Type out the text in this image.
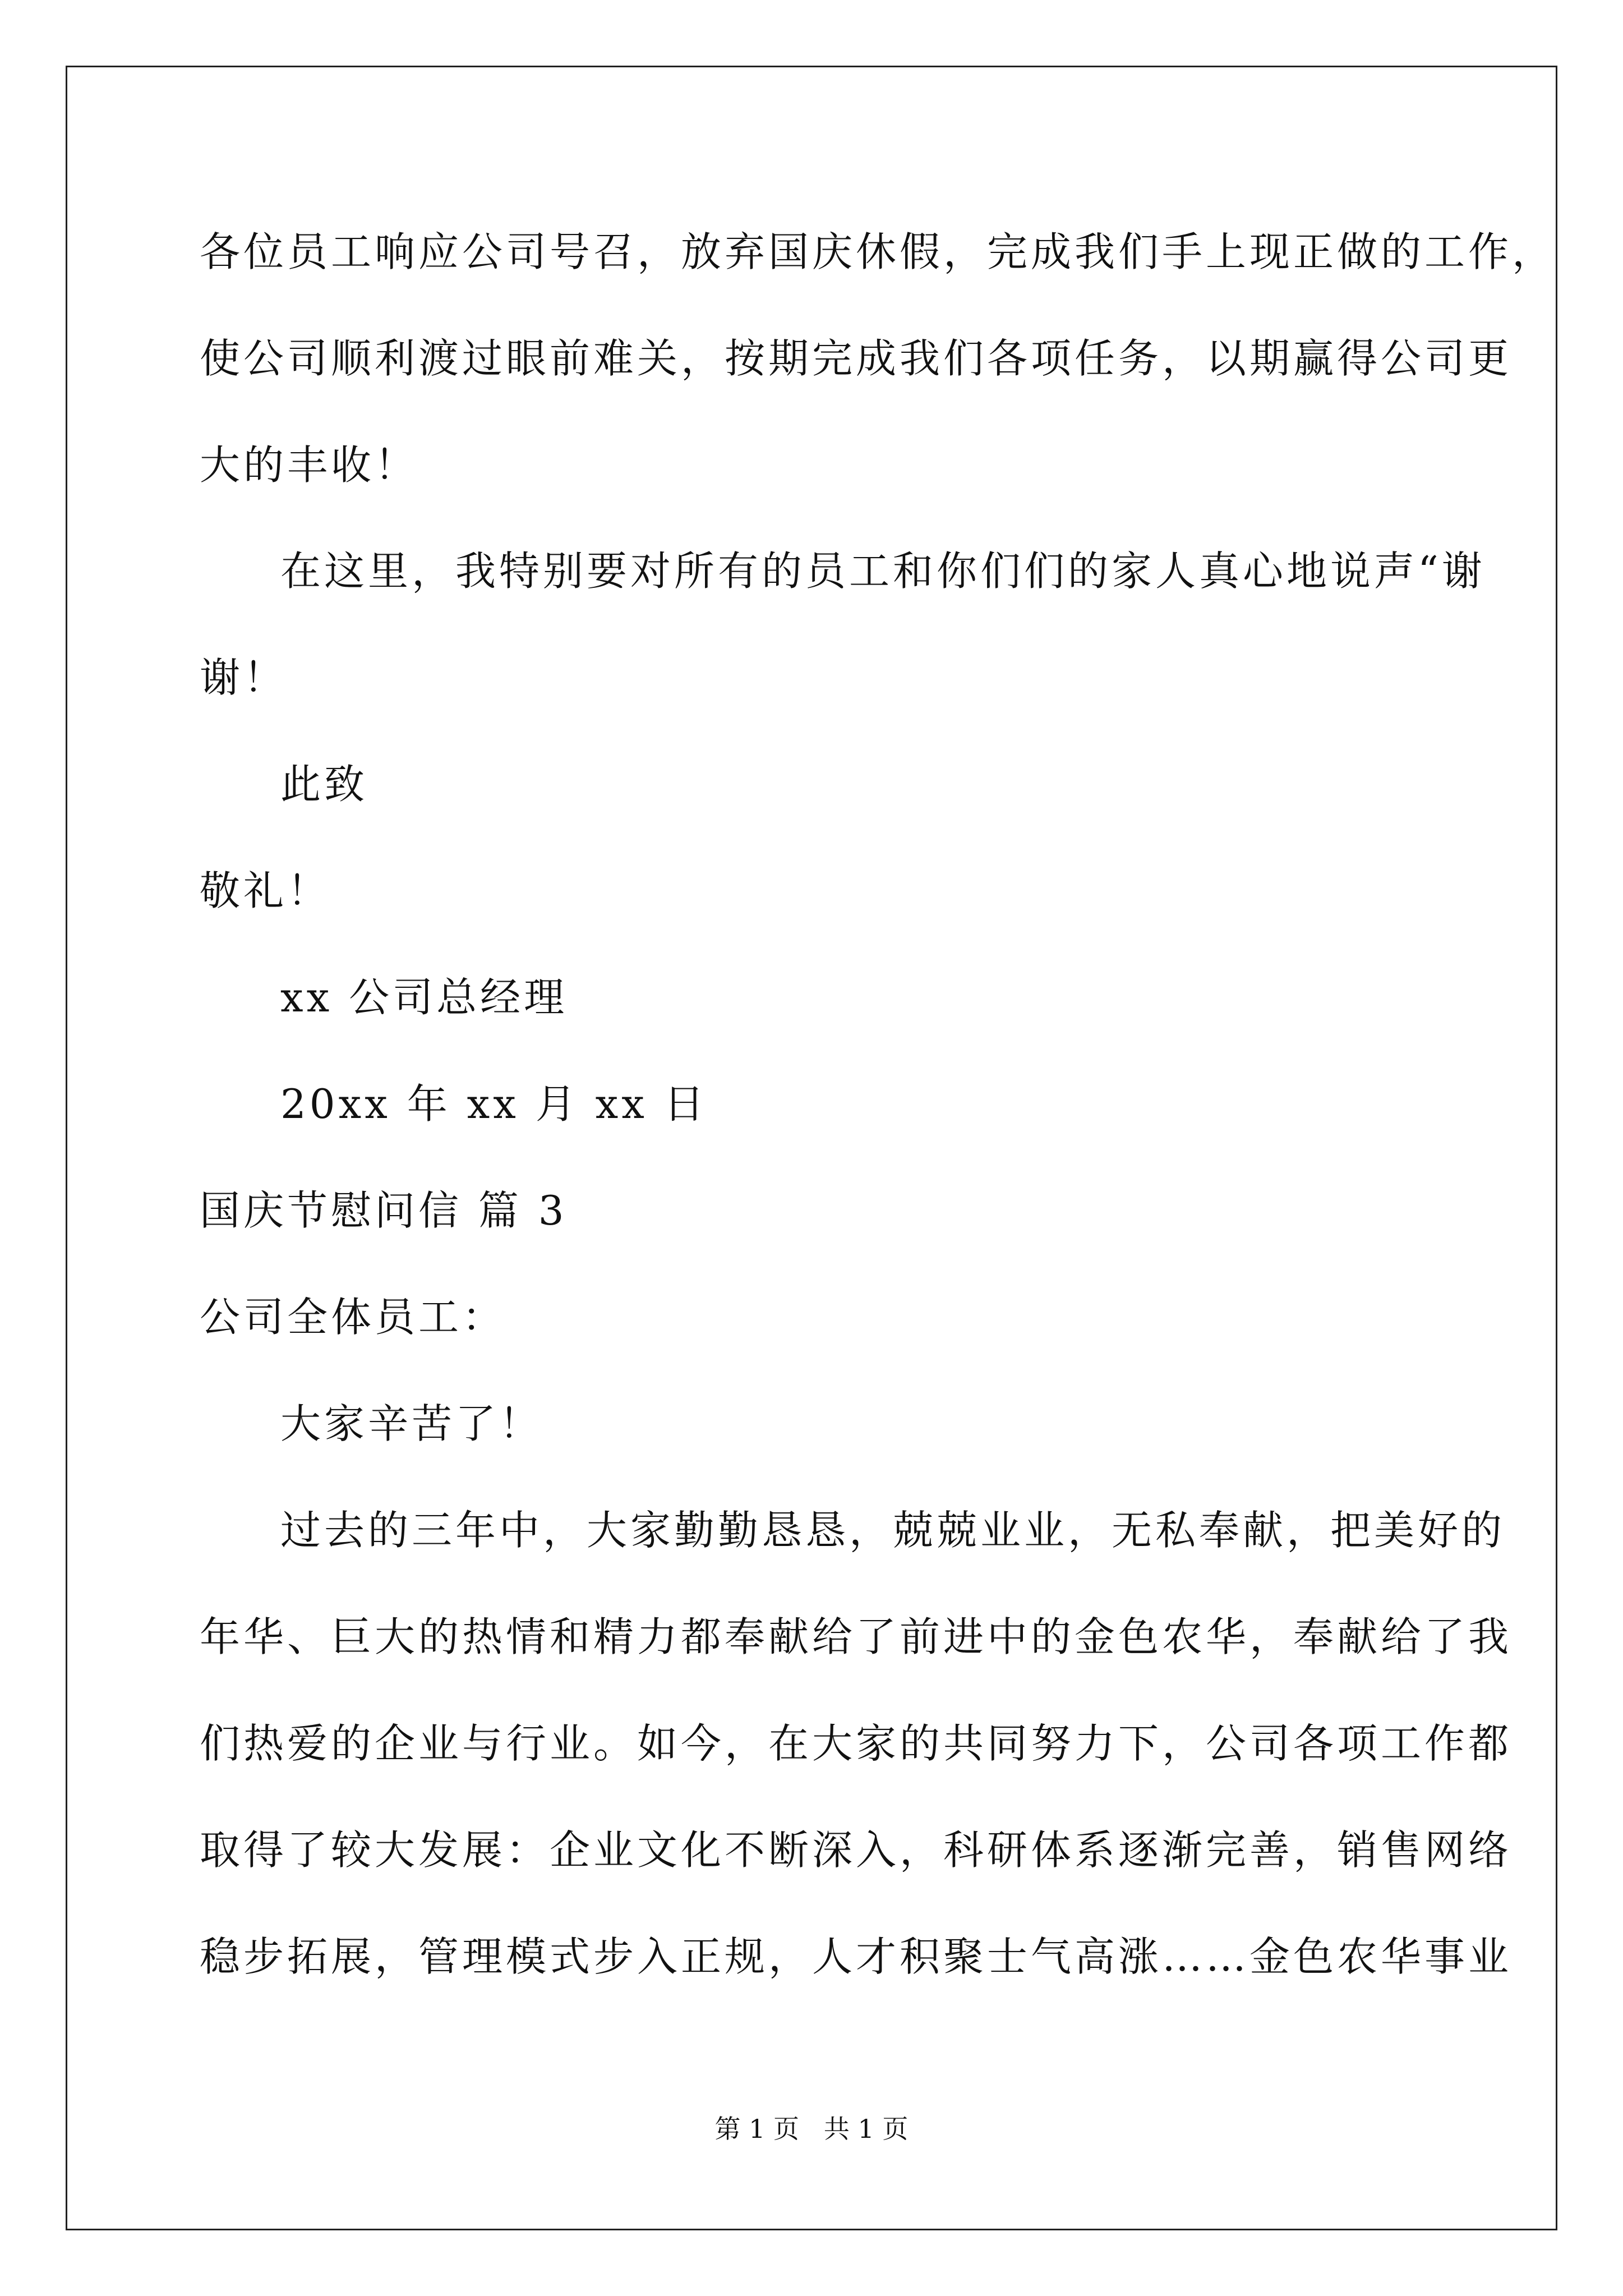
各位员工响应公司号召，放弃国庆休假，完成我们手上现正做的工作，
使公司顺利渡过眼前难关，按期完成我们各项任务，以期赢得公司更
大的丰收！
在这里，我特别要对所有的员工和你们们的家人真心地说声“谢
谢！
此致
敬礼！
xx 公司总经理
20xx 年 xx 月 xx 日
国庆节慰问信 篇 3
公司全体员工：
大家辛苦了！
过去的三年中，大家勤勤恳恳，兢兢业业，无私奉献，把美好的
年华、巨大的热情和精力都奉献给了前进中的金色农华，奉献给了我
们热爱的企业与行业。如今，在大家的共同努力下，公司各项工作都
取得了较大发展：企业文化不断深入，科研体系逐渐完善，销售网络
稳步拓展，管理模式步入正规，人才积聚士气高涨……金色农华事业
第 1 页   共 1 页
